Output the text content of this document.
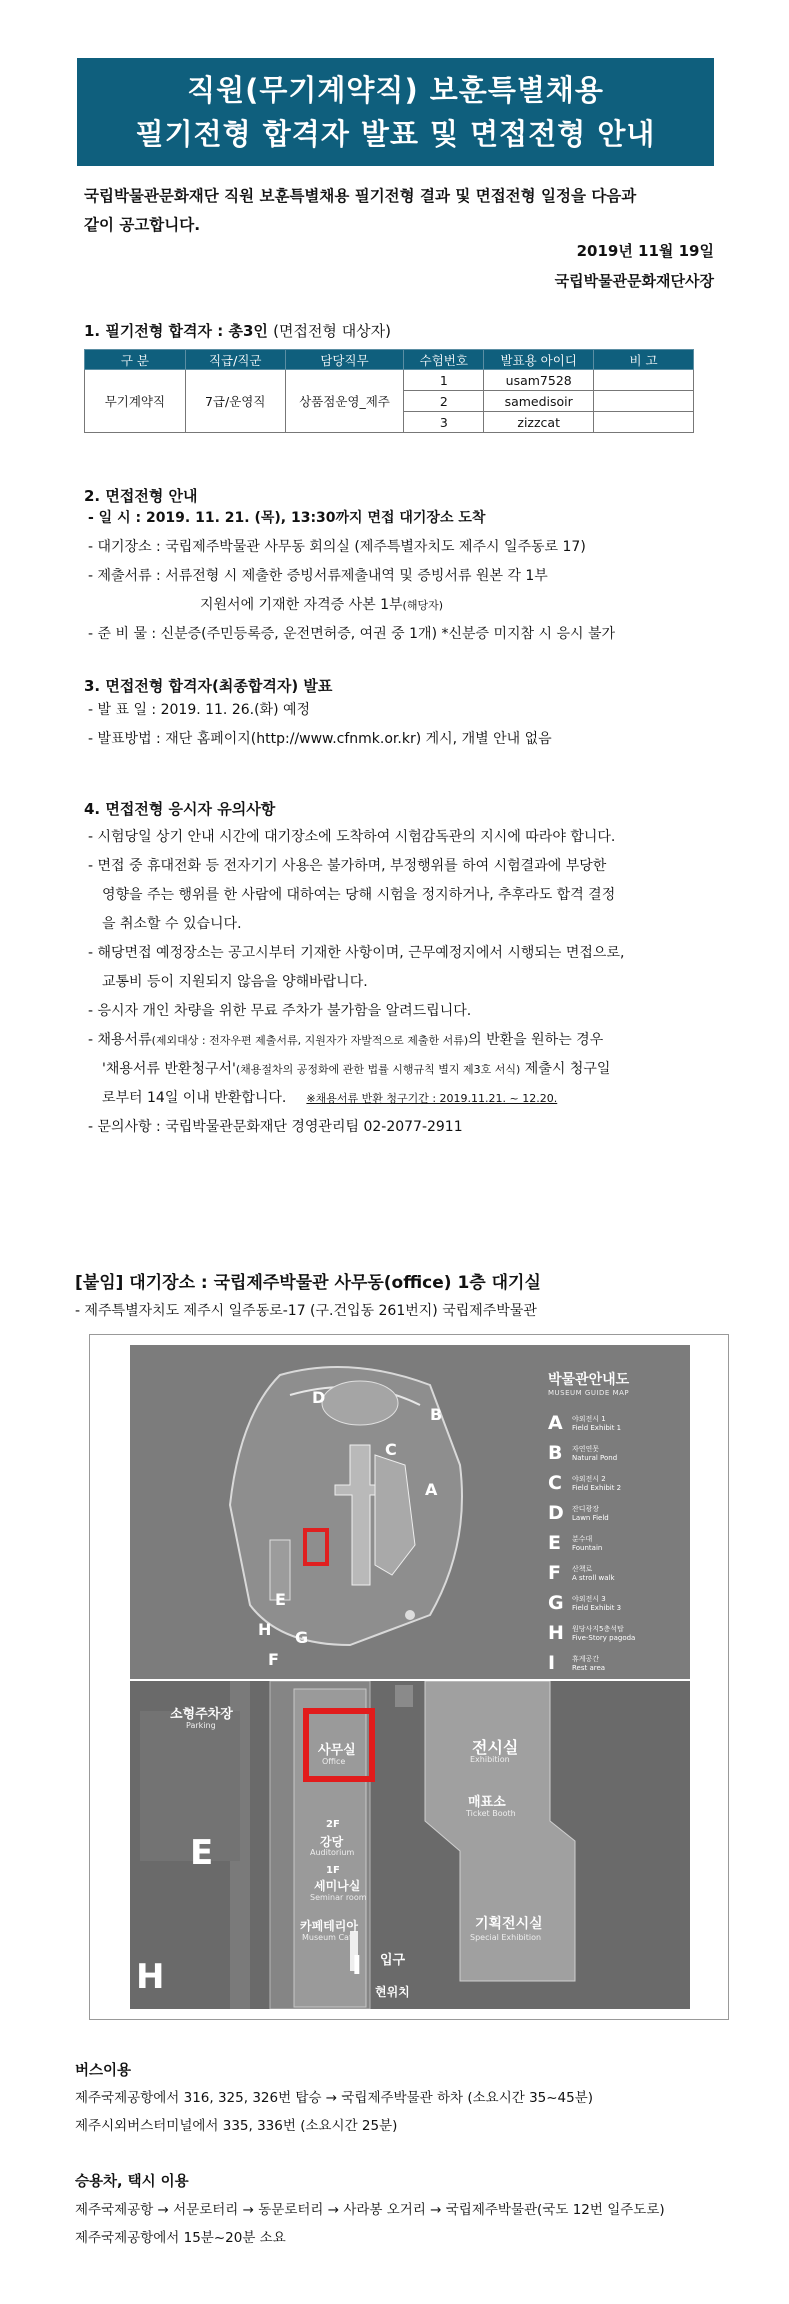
직원(무기계약직) 보훈특별채용
필기전형 합격자 발표 및 면접전형 안내
국립박물관문화재단 직원 보훈특별채용 필기전형 결과 및 면접전형 일정을 다음과
같이 공고합니다.
2019년 11월 19일
국립박물관문화재단사장
1. 필기전형 합격자 : 총3인 (면접전형 대상자)
구 분	직급/직군	담당직무	수험번호	발표용 아이디	비 고
무기계약직	7급/운영직	상품점운영_제주	1	usam7528	
			2	samedisoir	
			3	zizzcat	
2. 면접전형 안내
- 일 시 : 2019. 11. 21. (목), 13:30까지 면접 대기장소 도착
- 대기장소 : 국립제주박물관 사무동 회의실 (제주특별자치도 제주시 일주동로 17)
- 제출서류 : 서류전형 시 제출한 증빙서류제출내역 및 증빙서류 원본 각 1부
지원서에 기재한 자격증 사본 1부(해당자)
- 준 비 물 : 신분증(주민등록증, 운전면허증, 여권 중 1개) *신분증 미지참 시 응시 불가
3. 면접전형 합격자(최종합격자) 발표
- 발 표 일 : 2019. 11. 26.(화) 예정
- 발표방법 : 재단 홈페이지(http://www.cfnmk.or.kr) 게시, 개별 안내 없음
4. 면접전형 응시자 유의사항
- 시험당일 상기 안내 시간에 대기장소에 도착하여 시험감독관의 지시에 따라야 합니다.
- 면접 중 휴대전화 등 전자기기 사용은 불가하며, 부정행위를 하여 시험결과에 부당한
영향을 주는 행위를 한 사람에 대하여는 당해 시험을 정지하거나, 추후라도 합격 결정
을 취소할 수 있습니다.
- 해당면접 예정장소는 공고시부터 기재한 사항이며, 근무예정지에서 시행되는 면접으로,
교통비 등이 지원되지 않음을 양해바랍니다.
- 응시자 개인 차량을 위한 무료 주차가 불가함을 알려드립니다.
- 채용서류(제외대상 : 전자우편 제출서류, 지원자가 자발적으로 제출한 서류)의 반환을 원하는 경우
'채용서류 반환청구서'(채용절차의 공정화에 관한 법률 시행규칙 별지 제3호 서식) 제출시 청구일
로부터 14일 이내 반환합니다. ※채용서류 반환 청구기간 : 2019.11.21. ~ 12.20.
- 문의사항 : 국립박물관문화재단 경영관리팀 02-2077-2911
[붙임] 대기장소 : 국립제주박물관 사무동(office) 1층 대기실
- 제주특별자치도 제주시 일주동로-17 (구.건입동 261번지) 국립제주박물관
D
B
C
A
E
H G
F
박물관안내도
MUSEUM GUIDE MAP
A	야외전시 1
Field Exhibit 1
B	자연연못
Natural Pond
C	야외전시 2
Field Exhibit 2
D	잔디광장
Lawn Field
E	분수대
Fountain
F	산책로
A stroll walk
G	야외전시 3
Field Exhibit 3
H	원당사지5층석탑
Five-Story pagoda
I	휴게공간
Rest area
소형주차장
Parking
사무실
Office
전시실
Exhibition
매표소
Ticket Booth
2F
강당
Auditorium
1F
세미나실
Seminar room
카페테리아
Museum Cafe
기획전시실
Special Exhibition
입구
현위치
E
H	I
버스이용
제주국제공항에서 316, 325, 326번 탑승 → 국립제주박물관 하차 (소요시간 35~45분)
제주시외버스터미널에서 335, 336번 (소요시간 25분)
승용차, 택시 이용
제주국제공항 → 서문로터리 → 동문로터리 → 사라봉 오거리 → 국립제주박물관(국도 12번 일주도로)
제주국제공항에서 15분~20분 소요
